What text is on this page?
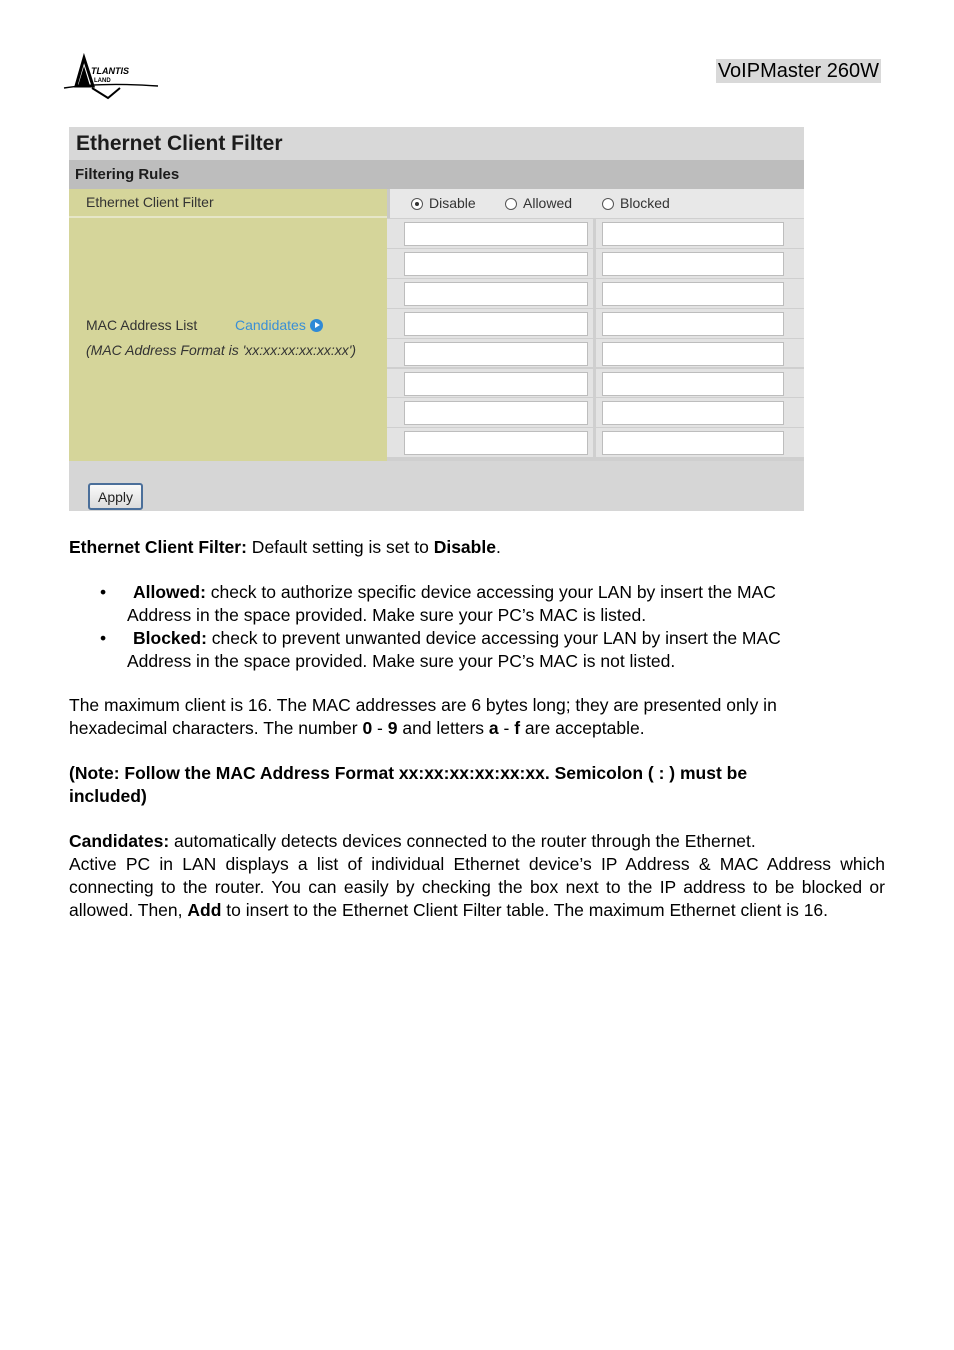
TLANTIS
LAND	VoIPMaster 260W
Ethernet Client Filter
Filtering Rules
Ethernet Client Filter
MAC Address List	Candidates
(MAC Address Format is 'xx:xx:xx:xx:xx:xx')
Disable	Allowed	Blocked
Apply

Ethernet Client Filter: Default setting is set to Disable.

•	Allowed: check to authorize specific device accessing your LAN by insert the MAC
Address in the space provided. Make sure your PC’s MAC is listed.
•	Blocked: check to prevent unwanted device accessing your LAN by insert the MAC
Address in the space provided. Make sure your PC’s MAC is not listed.
The maximum client is 16. The MAC addresses are 6 bytes long; they are presented only in
hexadecimal characters. The number 0 - 9 and letters a - f are acceptable.
(Note: Follow the MAC Address Format xx:xx:xx:xx:xx:xx. Semicolon ( : ) must be
included)
Candidates: automatically detects devices connected to the router through the Ethernet.

Active PC in LAN displays a list of individual Ethernet device’s IP Address & MAC Address which connecting to the router. You can easily by checking the box next to the IP address to be blocked or allowed. Then, Add to insert to the Ethernet Client Filter table. The maximum Ethernet client is 16.
